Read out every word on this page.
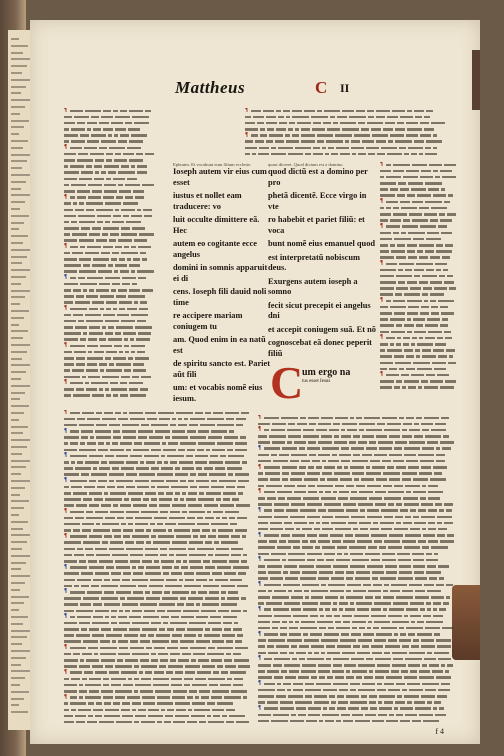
Mattheus	C II
¶
¶
¶
¶
¶
¶
¶
¶
¶
¶
Ephraim. Et vocabunt eum filium ecclesie.
Ioseph autem vir eius cum esset

iustus et nollet eam traducere: vo

luit occulte dimittere eã. Hec

autem eo cogitante ecce angelus

domini in somnis apparuit ei di

cens. Ioseph fili dauid noli time

re accipere mariam coniugem tu

am. Quod enim in ea natũ est

de spiritu sancto est. Pariet aũt fili

um: et vocabis nomẽ eius iesum.

quasi diceret. Quod dictum est a domino.
quod dictũ est a domino per pro

phetã dicentẽ. Ecce virgo in vte

ro habebit et pariet filiũ: et voca

bunt nomẽ eius emanuel quod

est interpretatũ nobiscum deus.

Exurgens autem ioseph a somno

fecit sicut precepit ei angelus dni

et accepit coniugem suã. Et nõ

cognoscebat eã donec peperit filiũ

¶
¶
¶
¶
¶
¶
¶
C
um ergo na
tus esset Iesus
¶
¶
¶
¶
¶
¶
¶
¶
¶
¶
¶
¶
¶
¶
¶
¶
¶
¶
¶
¶
¶
¶
¶
¶
¶
¶
f 4
